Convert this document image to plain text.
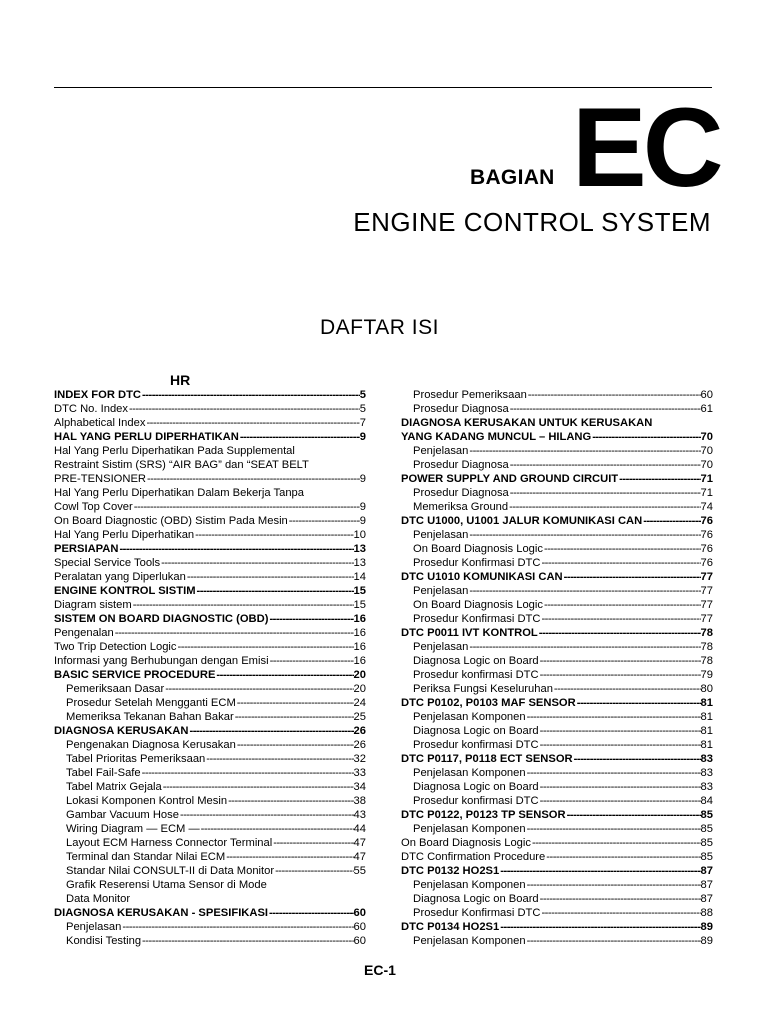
BAGIAN EC
ENGINE CONTROL SYSTEM
DAFTAR ISI
HR
INDEX FOR DTC -----	5
DTC No. Index -----	5
Alphabetical Index -----	7
HAL YANG PERLU DIPERHATIKAN -----	9
Hal Yang Perlu Diperhatikan Pada Supplemental
Restraint Sistim (SRS) “AIR BAG” dan “SEAT BELT
PRE-TENSIONER -----	9
Hal Yang Perlu Diperhatikan Dalam Bekerja Tanpa
Cowl Top Cover -----	9
On Board Diagnostic (OBD) Sistim Pada Mesin -----	9
Hal Yang Perlu Diperhatikan -----	10
PERSIAPAN -----	13
Special Service Tools -----	13
Peralatan yang Diperlukan -----	14
ENGINE KONTROL SISTIM -----	15
Diagram sistem -----	15
SISTEM ON BOARD DIAGNOSTIC (OBD) -----	16
Pengenalan -----	16
Two Trip Detection Logic -----	16
Informasi yang Berhubungan dengan Emisi -----	16
BASIC SERVICE PROCEDURE -----	20
Pemeriksaan Dasar -----	20
Prosedur Setelah Mengganti ECM -----	24
Memeriksa Tekanan Bahan Bakar -----	25
DIAGNOSA KERUSAKAN -----	26
Pengenakan Diagnosa Kerusakan -----	26
Tabel Prioritas Pemeriksaan -----	32
Tabel Fail-Safe -----	33
Tabel Matrix Gejala -----	34
Lokasi Komponen Kontrol Mesin -----	38
Gambar Vacuum Hose -----	43
Wiring Diagram — ECM — -----	44
Layout ECM Harness Connector Terminal -----	47
Terminal dan Standar Nilai ECM -----	47
Standar Nilai CONSULT-II di Data Monitor -----	55
Grafik Reserensi Utama Sensor di Mode
Data Monitor
DIAGNOSA KERUSAKAN - SPESIFIKASI -----	60
Penjelasan -----	60
Kondisi Testing -----	60
Prosedur Pemeriksaan -----	60
Prosedur Diagnosa -----	61
DIAGNOSA KERUSAKAN UNTUK KERUSAKAN
YANG KADANG MUNCUL – HILANG -----	70
Penjelasan -----	70
Prosedur Diagnosa -----	70
POWER SUPPLY AND GROUND CIRCUIT -----	71
Prosedur Diagnosa -----	71
Memeriksa Ground -----	74
DTC U1000, U1001 JALUR KOMUNIKASI CAN -----	76
Penjelasan -----	76
On Board Diagnosis Logic -----	76
Prosedur Konfirmasi DTC -----	76
DTC U1010 KOMUNIKASI CAN -----	77
Penjelasan -----	77
On Board Diagnosis Logic -----	77
Prosedur Konfirmasi DTC -----	77
DTC P0011 IVT KONTROL -----	78
Penjelasan -----	78
Diagnosa Logic on Board -----	78
Prosedur konfirmasi DTC -----	79
Periksa Fungsi Keseluruhan -----	80
DTC P0102, P0103 MAF SENSOR -----	81
Penjelasan Komponen -----	81
Diagnosa Logic on Board -----	81
Prosedur konfirmasi DTC -----	81
DTC P0117, P0118 ECT SENSOR -----	83
Penjelasan Komponen -----	83
Diagnosa Logic on Board -----	83
Prosedur konfirmasi DTC -----	84
DTC P0122, P0123 TP SENSOR -----	85
Penjelasan Komponen -----	85
On Board Diagnosis Logic -----	85
DTC Confirmation Procedure -----	85
DTC P0132 HO2S1 -----	87
Penjelasan Komponen -----	87
Diagnosa Logic on Board -----	87
Prosedur Konfirmasi DTC -----	88
DTC P0134 HO2S1 -----	89
Penjelasan Komponen -----	89
EC-1
